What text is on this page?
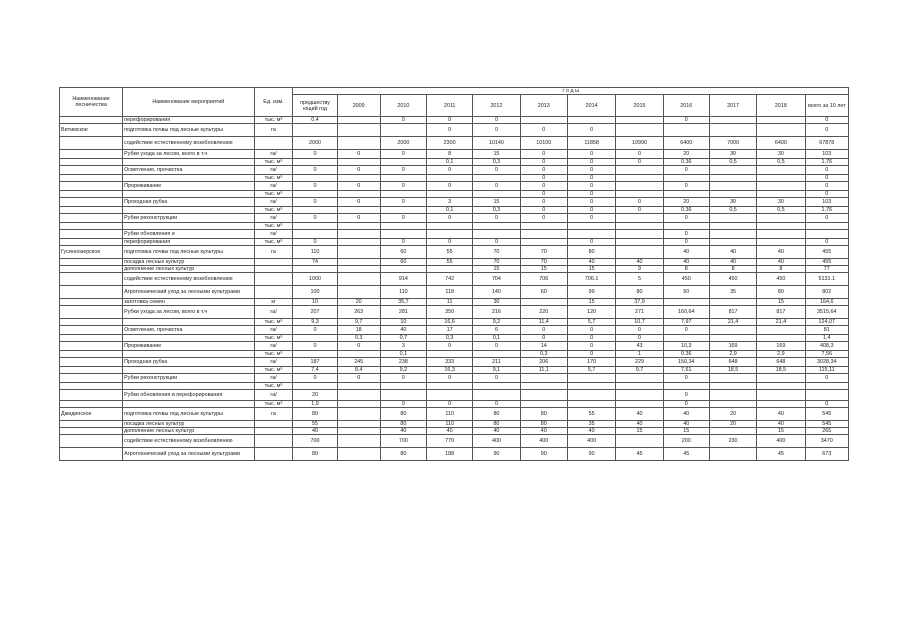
Наименование лесничества	Наименование мероприятий	Ед. изм.	г о д ы											
			предшеству ющий год	2009	2010	2011	2012	2013	2014	2015	2016	2017	2018	всего за 10 лет
	перефорирования	тыс. м³	0,4		0	0	0				0			0
Витимское	подготовка почвы под лесные культуры	га				0	0	0	0					0
	содействие естественному возобновлению		2000		2000	2300	10140	10100	11858	10990	6400	7000	6400	67878
	Рубки ухода за лесом, всего в т.ч	га/	0	0	0	8	15	0	0	0	20	30	30	103
		тыс. м³				0,1	0,3	0	0	0	0.36	0,5	0,5	1,76
	Осветление, прочистка	га/	0	0	0	0	0	0	0		0			0
		тыс. м³						0	0					0
	Прореживание	га/	0	0	0	0	0	0	0		0			0
		тыс. м³						0	0					0
	Проходная рубка	га/	0	0	0	3	15	0	0	0	20	30	30	103
		тыс. м³				0,1	0,3	0	0	0	0.36	0,5	0,5	1,76
	Рубки реконструкции	га/	0	0	0	0	0	0	0		0			0
		тыс. м³												
	Рубки обновления и	га/									0			
	перефорирования	тыс. м³	0		0	0	0		0		0			0
Гусиноозерское	подготовка почвы под лесные культуры	га	110		60	55	70	70	80		40	40	40	455
	посадка лесных культур		74		60	55	70	70	40	40	40	40	40	455
	дополнение лесных культур						15	15	15	9	8	8	8	77
	содействие естественному возобновлению		1000		914	742	704	706	706.1	5	450	450	450	5131.1
	Агротехнический уход за лесными культурами		100		110	118	140	60	99	80	50	35	80	802
	заготовка семян	кг	10	20	35,7	11	30		15	37,9			15	164,6
	Рубки ухода за лесом, всего в т.ч	га/	207	263	281	350	216	220	120	271	160,64	817	817	3515,64
		тыс. м³	9,3	9,7	10	16,6	9,2	11,4	5,7	10,7	7,97	21,4	21,4	124,07
	Осветление, прочистка	га/	0	18	40	17	6	0	0	0	0			81
		тыс. м³		0,3	0,7	0,3	0,1	0	0	0				1,4
	Прореживание	га/	0	0	3	0	0	14	0	43	10,3	169	169	408,3
		тыс. м³			0,1			0,3	0	1	0.36	2,9	2,9	7,56
	Проходная рубка	га/	187	245	238	333	211	206	170	229	150,34	648	648	3028,34
		тыс. м³	7,4	8,4	9,2	16,3	9,1	11,1	5,7	9,7	7,61	18,5	18,5	115,11
	Рубки реконструкции	га/	0	0	0	0	0				0			0
		тыс. м³												
	Рубки обновления и перефорирования	га/	20								0			
		тыс. м³	1,9		0	0	0				0			0
Джидинское	подготовка почвы под лесные культуры	га	80		80	110	80	80	55	40	40	20	40	545
	посадка лесных культур		55		80	110	80	80	35	40	40	20	40	545
	дополнение лесных культур		40		40	40	40	40	40	15	15		15	265
	содействие естественному возобновлению		700		700	770	400	400	400		200	230	400	3470
	Агротехнический уход за лесными культурами		80		80	188	90	90	90	45	45		45	673
